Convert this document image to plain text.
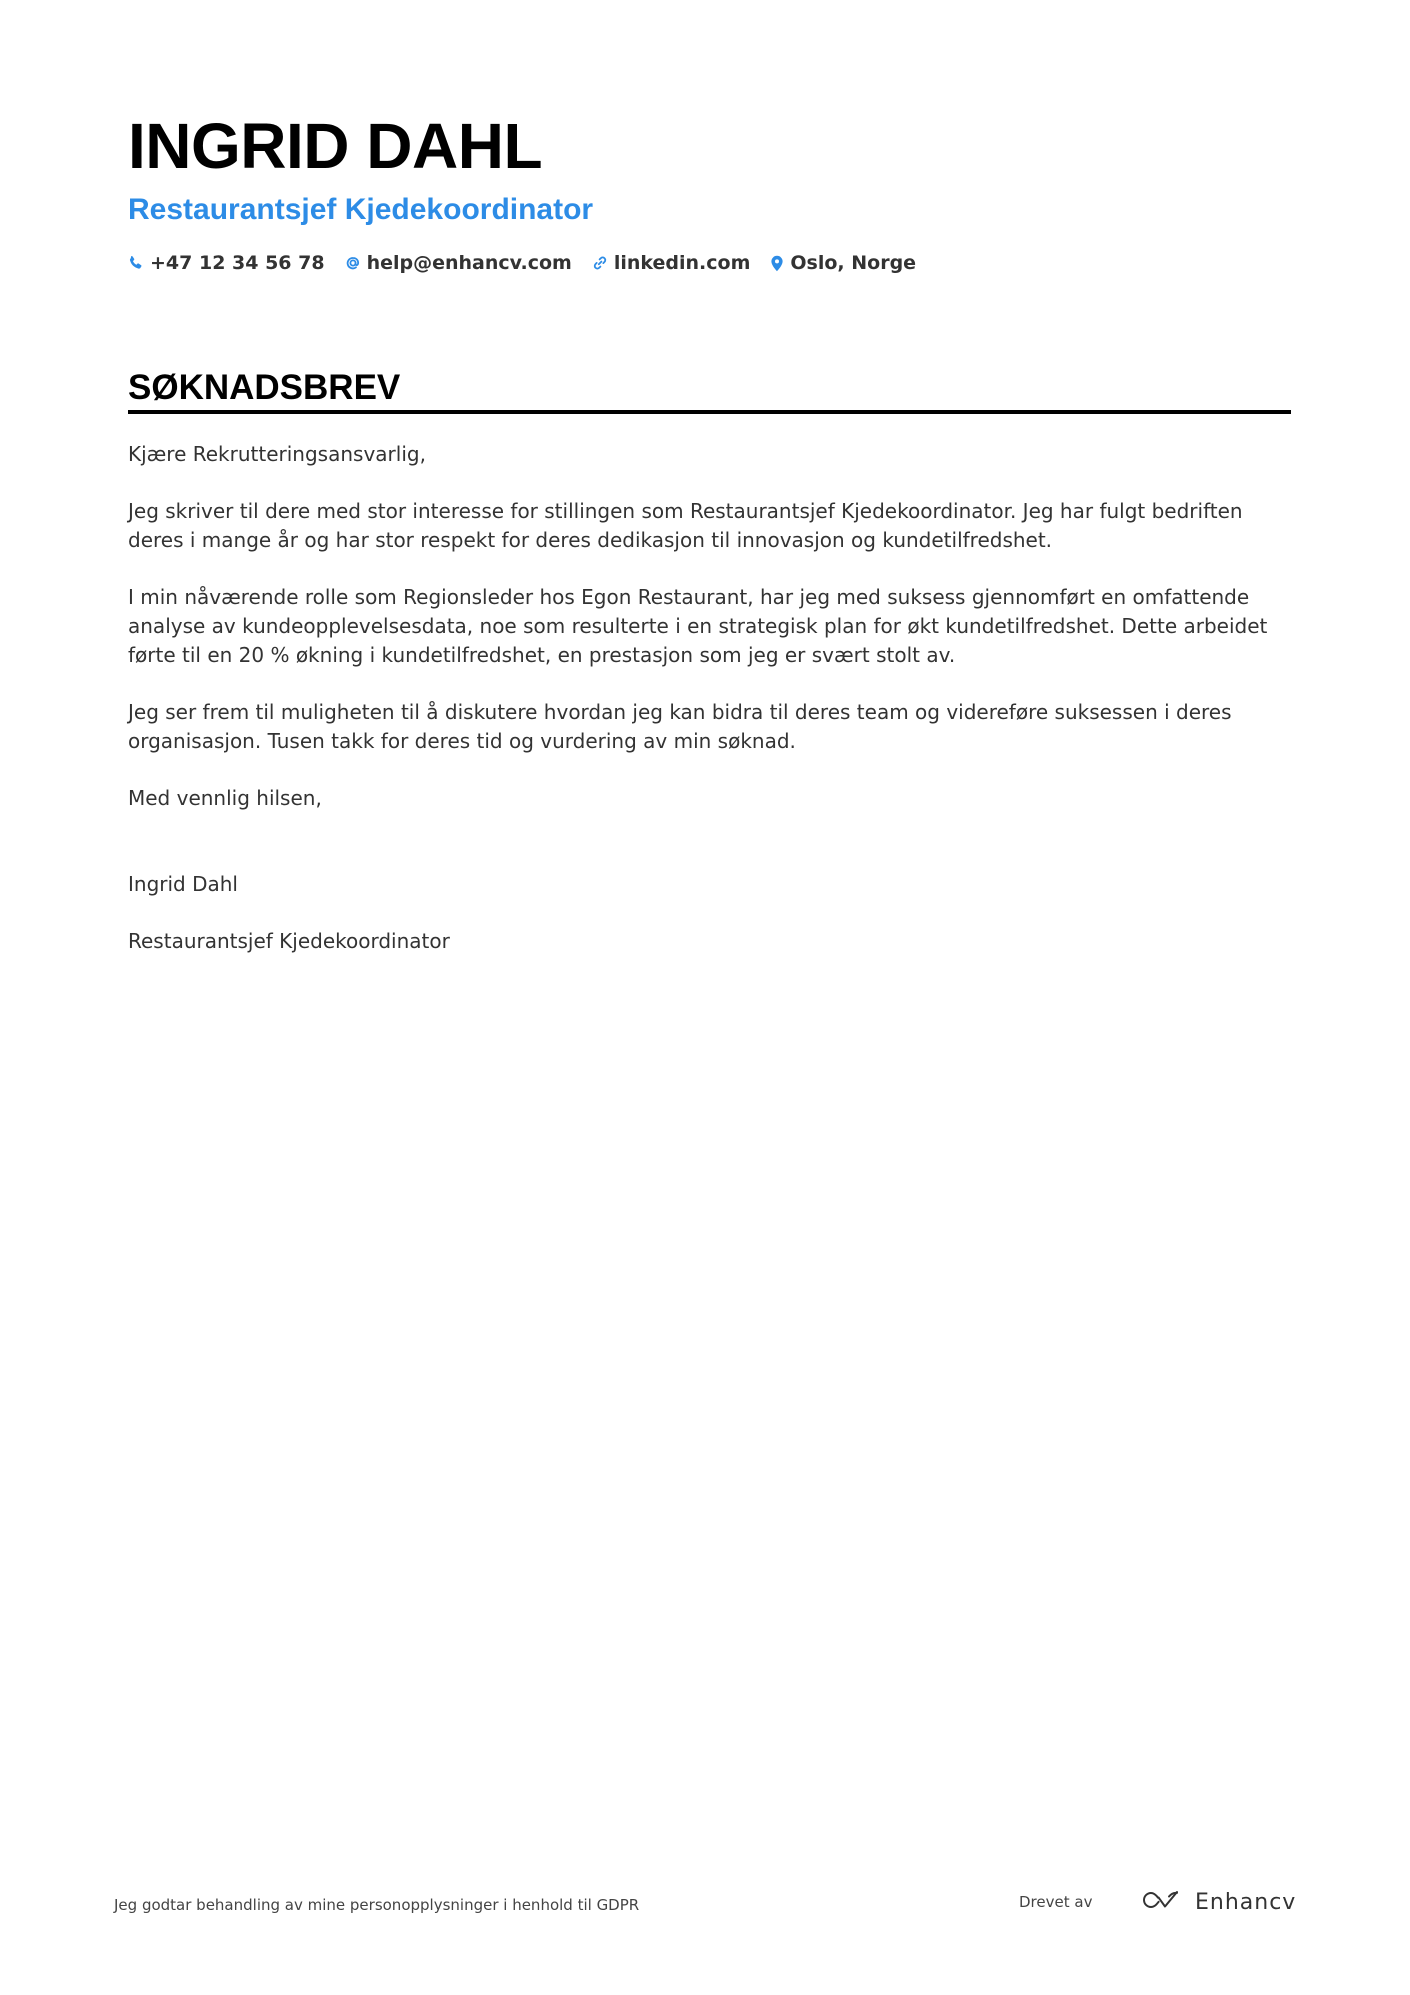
INGRID DAHL
Restaurantsjef Kjedekoordinator
+47 12 34 56 78 help@enhancv.com linkedin.com Oslo, Norge
SØKNADSBREV

Kjære Rekrutteringsansvarlig,

Jeg skriver til dere med stor interesse for stillingen som Restaurantsjef Kjedekoordinator. Jeg har fulgt bedriften deres i mange år og har stor respekt for deres dedikasjon til innovasjon og kundetilfredshet.

I min nåværende rolle som Regionsleder hos Egon Restaurant, har jeg med suksess gjennomført en omfattende analyse av kundeopplevelsesdata, noe som resulterte i en strategisk plan for økt kundetilfredshet. Dette arbeidet førte til en 20 % økning i kundetilfredshet, en prestasjon som jeg er svært stolt av.

Jeg ser frem til muligheten til å diskutere hvordan jeg kan bidra til deres team og videreføre suksessen i deres organisasjon. Tusen takk for deres tid og vurdering av min søknad.

Med vennlig hilsen,

Ingrid Dahl

Restaurantsjef Kjedekoordinator

Jeg godtar behandling av mine personopplysninger i henhold til GDPR	Drevet av	Enhancv
